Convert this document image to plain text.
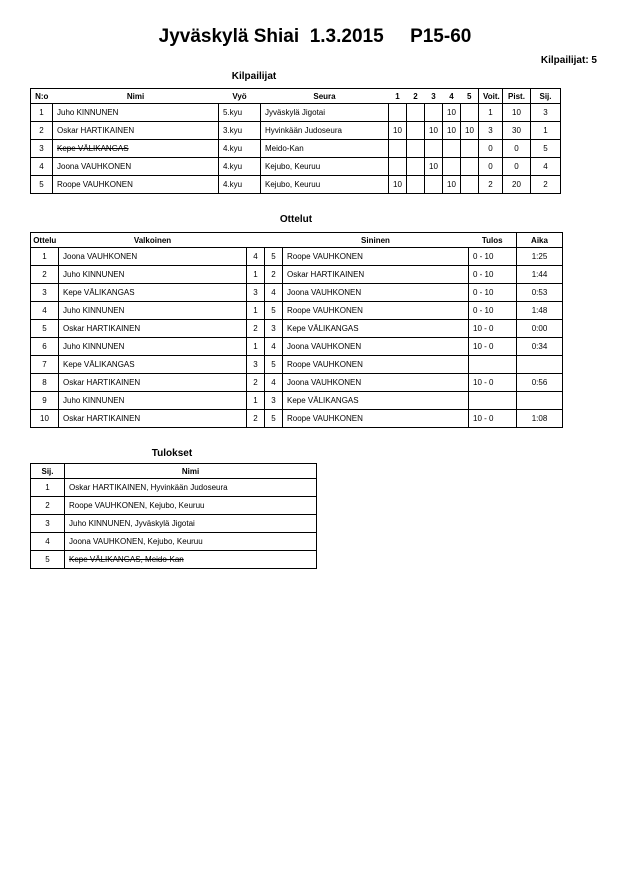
Jyväskylä Shiai  1.3.2015     P15-60
Kilpailijat: 5
Kilpailijat
N:o	Nimi	Vyö	Seura	1	2	3	4	5	Voit.	Pist.	Sij.
1	Juho KINNUNEN	5.kyu	Jyväskylä Jigotai				10		1	10	3
2	Oskar HARTIKAINEN	3.kyu	Hyvinkään Judoseura	10		10	10	10	3	30	1
3	Kepe VÄLIKANGAS	4.kyu	Meido-Kan						0	0	5
4	Joona VAUHKONEN	4.kyu	Kejubo, Keuruu			10			0	0	4
5	Roope VAUHKONEN	4.kyu	Kejubo, Keuruu	10			10		2	20	2
Ottelut
Ottelu	Valkoinen			Sininen	Tulos	Aika
1	Joona VAUHKONEN	4	5	Roope VAUHKONEN	0 - 10	1:25
2	Juho KINNUNEN	1	2	Oskar HARTIKAINEN	0 - 10	1:44
3	Kepe VÄLIKANGAS	3	4	Joona VAUHKONEN	0 - 10	0:53
4	Juho KINNUNEN	1	5	Roope VAUHKONEN	0 - 10	1:48
5	Oskar HARTIKAINEN	2	3	Kepe VÄLIKANGAS	10 - 0	0:00
6	Juho KINNUNEN	1	4	Joona VAUHKONEN	10 - 0	0:34
7	Kepe VÄLIKANGAS	3	5	Roope VAUHKONEN		
8	Oskar HARTIKAINEN	2	4	Joona VAUHKONEN	10 - 0	0:56
9	Juho KINNUNEN	1	3	Kepe VÄLIKANGAS		
10	Oskar HARTIKAINEN	2	5	Roope VAUHKONEN	10 - 0	1:08
Tulokset
Sij.	Nimi
1	Oskar HARTIKAINEN, Hyvinkään Judoseura
2	Roope VAUHKONEN, Kejubo, Keuruu
3	Juho KINNUNEN, Jyväskylä Jigotai
4	Joona VAUHKONEN, Kejubo, Keuruu
5	Kepe VÄLIKANGAS, Meido-Kan
